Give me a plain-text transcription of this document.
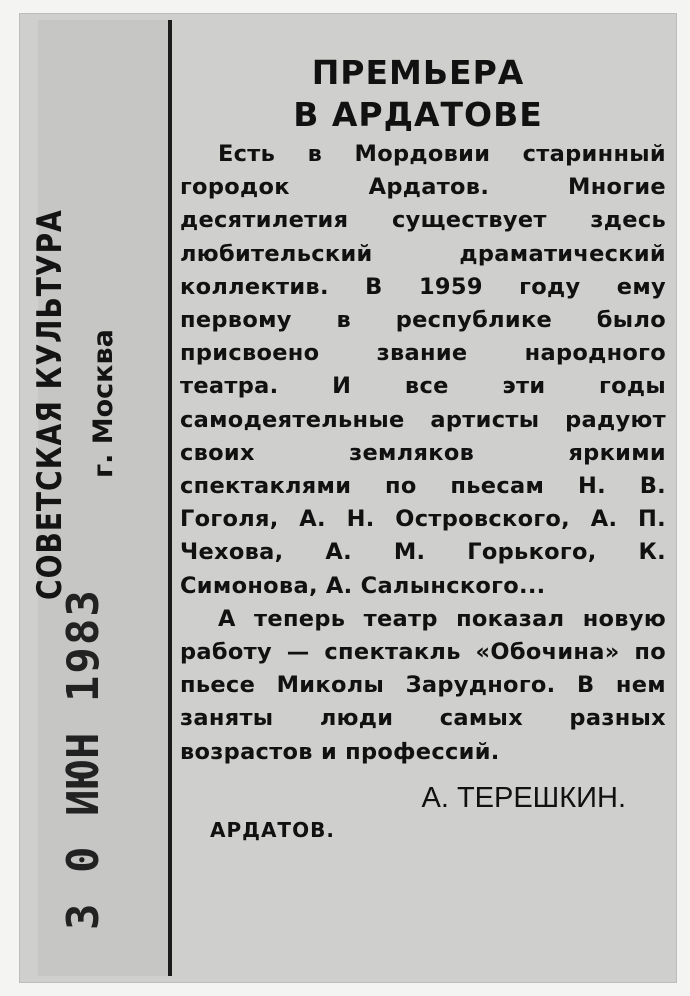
СОВЕТСКАЯ КУЛЬТУРА г. Москва
3 0 ИЮН 1983
ПРЕМЬЕРА
В АРДАТОВЕ

Есть в Мордовии старинный городок Ардатов. Многие десятилетия существует здесь любительский драматический коллектив. В 1959 году ему первому в республике было присвоено звание народного театра. И все эти годы самодеятельные артисты радуют своих земляков яркими спектаклями по пьесам Н. В. Гоголя, А. Н. Островского, А. П. Чехова, А. М. Горького, К. Симонова, А. Салынского...

А теперь театр показал новую работу — спектакль «Обочина» по пьесе Миколы Зарудного. В нем заняты люди самых разных возрастов и профессий.

А. ТЕРЕШКИН.
АРДАТОВ.
